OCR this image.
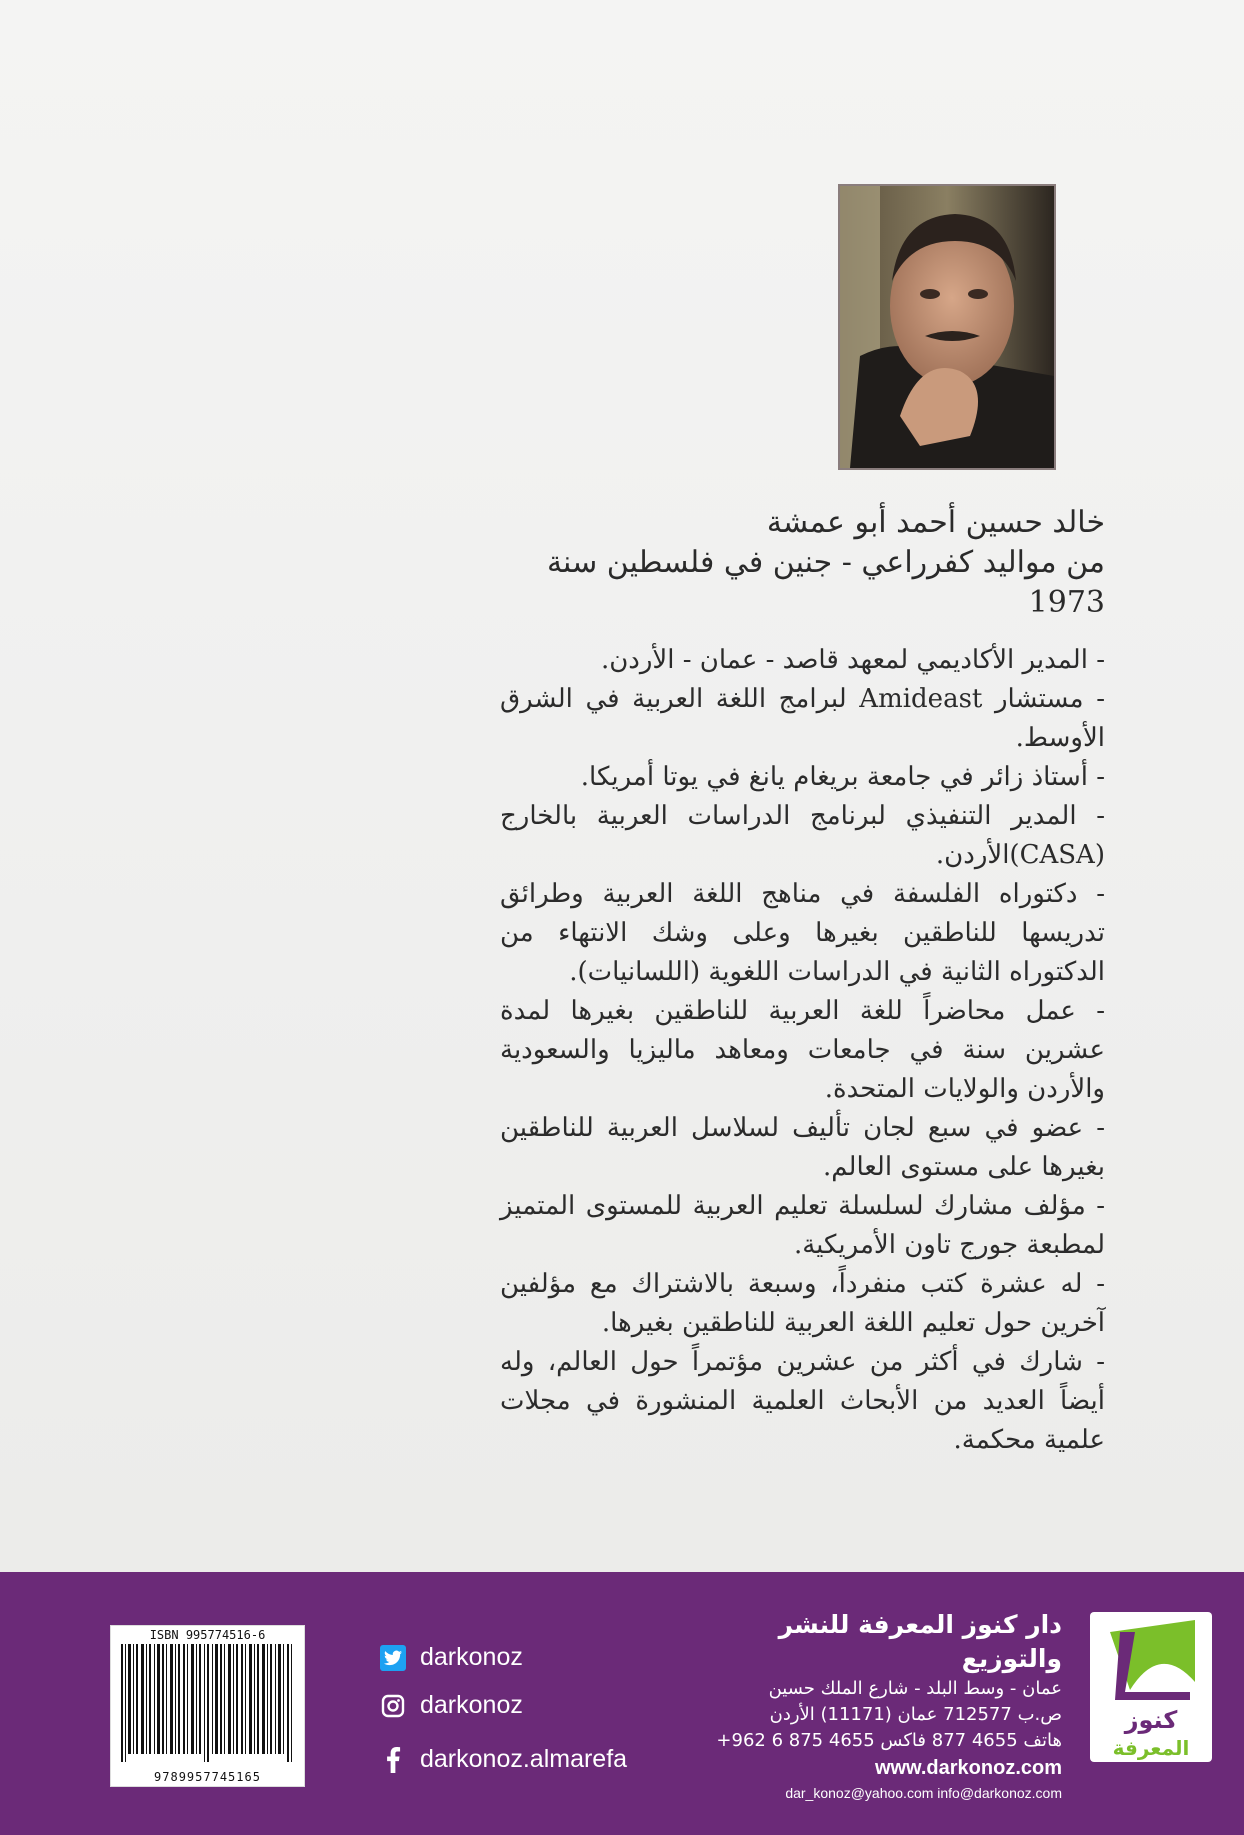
خالد حسين أحمد أبو عمشة

من مواليد كفرراعي - جنين في فلسطين سنة 1973

- المدير الأكاديمي لمعهد قاصد - عمان - الأردن.
- مستشار Amideast لبرامج اللغة العربية في الشرق الأوسط.
- أستاذ زائر في جامعة بريغام يانغ في يوتا أمريكا.
- المدير التنفيذي لبرنامج الدراسات العربية بالخارج (CASA)الأردن.
- دكتوراه الفلسفة في مناهج اللغة العربية وطرائق تدريسها للناطقين بغيرها وعلى وشك الانتهاء من الدكتوراه الثانية في الدراسات اللغوية (اللسانيات).
- عمل محاضراً للغة العربية للناطقين بغيرها لمدة عشرين سنة في جامعات ومعاهد ماليزيا والسعودية والأردن والولايات المتحدة.
- عضو في سبع لجان تأليف لسلاسل العربية للناطقين بغيرها على مستوى العالم.
- مؤلف مشارك لسلسلة تعليم العربية للمستوى المتميز لمطبعة جورج تاون الأمريكية.
- له عشرة كتب منفرداً، وسبعة بالاشتراك مع مؤلفين آخرين حول تعليم اللغة العربية للناطقين بغيرها.
- شارك في أكثر من عشرين مؤتمراً حول العالم، وله أيضاً العديد من الأبحاث العلمية المنشورة في مجلات علمية محكمة.
ISBN 995774516-6
9789957745165
darkonoz
darkonoz
darkonoz.almarefa
دار كنوز المعرفة للنشر والتوزيع
عمان - وسط البلد - شارع الملك حسين
ص.ب 712577 عمان (11171) الأردن
هاتف 4655 877 فاكس 4655 875 6 962+
www.darkonoz.com
dar_konoz@yahoo.com info@darkonoz.com
كنوز
المعرفة
